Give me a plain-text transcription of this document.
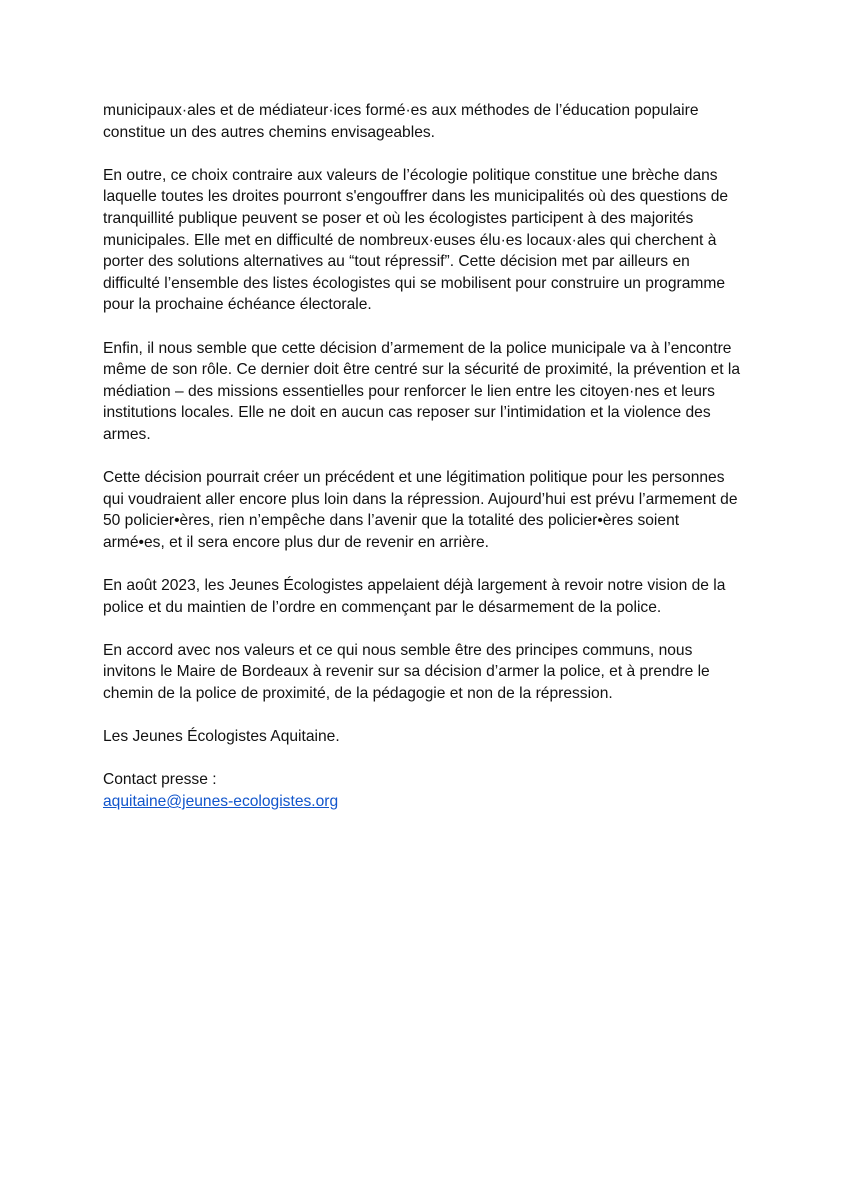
municipaux·ales et de médiateur·ices formé·es aux méthodes de l’éducation populaire
constitue un des autres chemins envisageables.

En outre, ce choix contraire aux valeurs de l’écologie politique constitue une brèche dans
laquelle toutes les droites pourront s'engouffrer dans les municipalités où des questions de
tranquillité publique peuvent se poser et où les écologistes participent à des majorités
municipales. Elle met en difficulté de nombreux·euses élu·es locaux·ales qui cherchent à
porter des solutions alternatives au “tout répressif”. Cette décision met par ailleurs en
difficulté l’ensemble des listes écologistes qui se mobilisent pour construire un programme
pour la prochaine échéance électorale.

Enfin, il nous semble que cette décision d’armement de la police municipale va à l’encontre
même de son rôle. Ce dernier doit être centré sur la sécurité de proximité, la prévention et la
médiation – des missions essentielles pour renforcer le lien entre les citoyen·nes et leurs
institutions locales. Elle ne doit en aucun cas reposer sur l’intimidation et la violence des
armes.

Cette décision pourrait créer un précédent et une légitimation politique pour les personnes
qui voudraient aller encore plus loin dans la répression. Aujourd’hui est prévu l’armement de
50 policier•ères, rien n’empêche dans l’avenir que la totalité des policier•ères soient
armé•es, et il sera encore plus dur de revenir en arrière.

En août 2023, les Jeunes Écologistes appelaient déjà largement à revoir notre vision de la
police et du maintien de l’ordre en commençant par le désarmement de la police.

En accord avec nos valeurs et ce qui nous semble être des principes communs, nous
invitons le Maire de Bordeaux à revenir sur sa décision d’armer la police, et à prendre le
chemin de la police de proximité, de la pédagogie et non de la répression.

Les Jeunes Écologistes Aquitaine.

Contact presse :
aquitaine@jeunes-ecologistes.org
